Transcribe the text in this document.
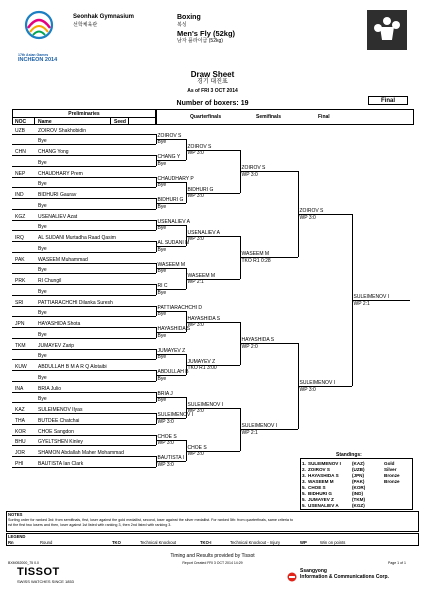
17th Asian Games
INCHEON 2014
Seonhak Gymnasium
선학체육관
Boxing
복싱
Men's Fly (52kg)
남자 플라이급 (52kg)
Draw Sheet
경기 대진표
As of FRI 3 OCT 2014
Number of boxers: 19	Final
Preliminaries
NOC Name	Seed
Quarterfinals	Semifinals	Final
UZB	ZOIROV Shakhobidin
Bye
CHN CHANG Yong
Bye
NEP	CHAUDHARY Prem
Bye
IND	BIDHURI Gaurav
Bye
KGZ	USENALIEV Azat
Bye
IRQ	AL SUDANI Murtadha Raad Qasim
Bye
PAK	WASEEM Muhammad
Bye
PRK	RI Chungil
Bye
SRI	PATTIARACHCHI Dilanka Suresh
Bye
JPN	HAYASHIDA Shota
Bye
TKM JUMAYEV Zarip
Bye
KUW ABDULLAH B M A R Q Alotaibi
Bye
INA	BRIA Julio
Bye
KAZ	SULEIMENOV Ilyas
THA	BUTDEE Chatchai
KOR CHOE Sangdon
BHU GYELTSHEN Kinley
JOR	SHAMON Abdallah Maher Mohammad
PHI	BAUTISTA Ian Clark
ZOIROV S
Bye
CHANG Y
Bye
CHAUDHARY P
Bye
BIDHURI G
Bye
USENALIEV A
Bye
AL SUDANI M
Bye
WASEEM M
Bye
RI C
Bye
PATTIARACHCHI D
Bye
HAYASHIDA S
Bye
JUMAYEV Z
Bye
ABDULLAH B
Bye
BRIA J
Bye
SULEIMENOV I
WP 3:0
CHOE S
WP 3:0
BAUTISTA I
WP 3:0
ZOIROV S
WP 3:0
BIDHURI G
WP 3:0
USENALIEV A
WP 3:0
WASEEM M
WP 2:1
HAYASHIDA S
WP 3:0
JUMAYEV Z
TKO R1 3:00
SULEIMENOV I
WP 3:0
CHOE S
WP 3:0
ZOIROV S
WP 3:0
WASEEM M
TKO R1 0:28
HAYASHIDA S
WP 2:0
SULEIMENOV I
WP 2:1
ZOIROV S
WP 3:0
SULEIMENOV I
WP 3:0
SULEIMENOV I
WP 2:1
Standings:
1. SULEIMENOV I (KAZ)	Gold
2. ZOIROV S	(UZB)	Silver
3. HAYASHIDA S	(JPN)	Bronze
3. WASEEM M	(PAK)	Bronze
5. CHOE S	(KOR)
5. BIDHURI G	(IND)
5. JUMAYEV Z	(TKM)
5. USENALIEV A	(KGZ)
NOTES
Sorting order for ranked 3rd: from semifinals, first, loser against the gold medallist, second, loser against the silver medallist. For ranked 5th: from quarterfinals, same criteria to
rst the first two losers and then, loser against 1st listed with ranking 3, then 2nd listed with ranking 3.
LEGEND
Rn	Round	TKO	Technical Knockout	TKO-I	Technical Knockout - Injury	WP	Win on points
Timing and Results provided by Tissot
BXM052000_75 0.0	Report Created FRI 3 OCT 2014 14:29	Page 1 of 1
TISSOT
SWISS WATCHES SINCE 1853
Ssangyong
Information & Communications Corp.
